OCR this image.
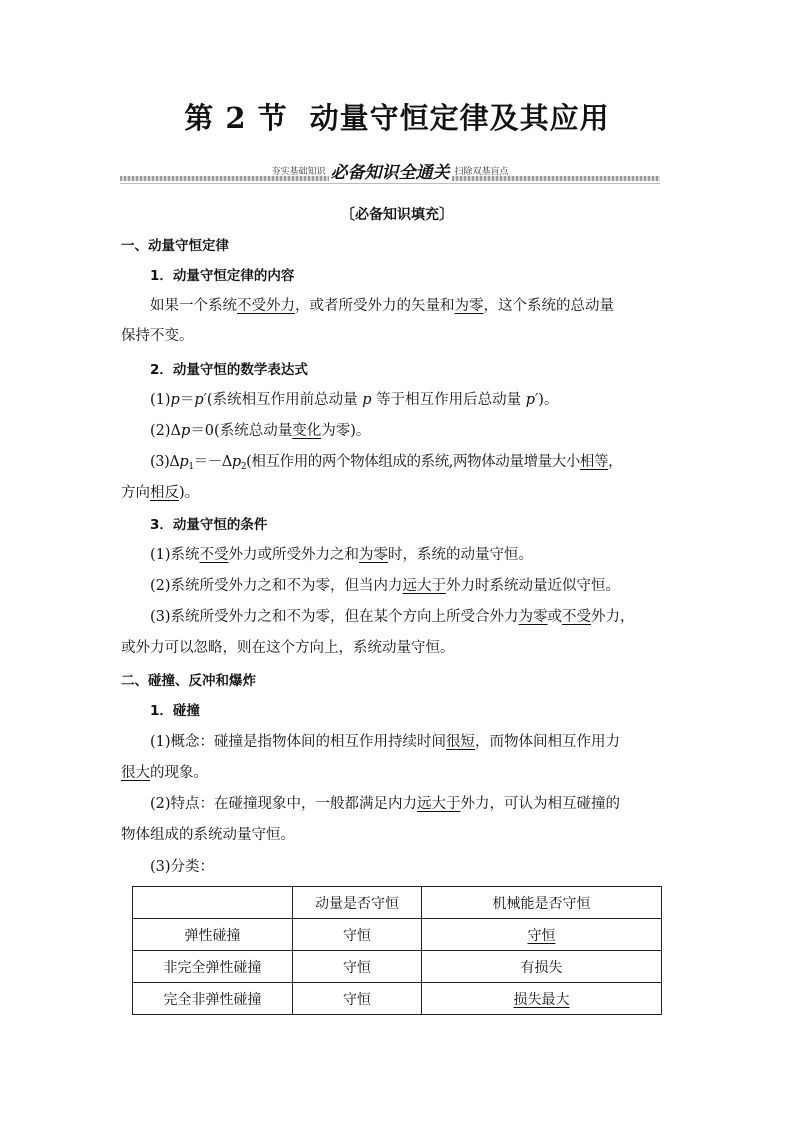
第 2 节 动量守恒定律及其应用
夯实基础知识 必备知识全通关 扫除双基盲点
〔必备知识填充〕
一、动量守恒定律
1．动量守恒定律的内容
如果一个系统不受外力，或者所受外力的矢量和为零，这个系统的总动量
保持不变。
2．动量守恒的数学表达式
(1)p＝p′(系统相互作用前总动量 p 等于相互作用后总动量 p′)。
(2)Δp＝0(系统总动量变化为零)。
$(3)\Delta p_1=-\Delta p_2$(相互作用的两个物体组成的系统,两物体动量增量大小相等，
方向相反)。
3．动量守恒的条件
(1)系统不受外力或所受外力之和为零时，系统的动量守恒。
(2)系统所受外力之和不为零，但当内力远大于外力时系统动量近似守恒。
(3)系统所受外力之和不为零，但在某个方向上所受合外力为零或不受外力，
或外力可以忽略，则在这个方向上，系统动量守恒。
二、碰撞、反冲和爆炸
1．碰撞
(1)概念：碰撞是指物体间的相互作用持续时间很短，而物体间相互作用力
很大的现象。
(2)特点：在碰撞现象中，一般都满足内力远大于外力，可认为相互碰撞的
物体组成的系统动量守恒。
(3)分类：
	动量是否守恒	机械能是否守恒
弹性碰撞	守恒	守恒
非完全弹性碰撞	守恒	有损失
完全非弹性碰撞	守恒	损失最大
